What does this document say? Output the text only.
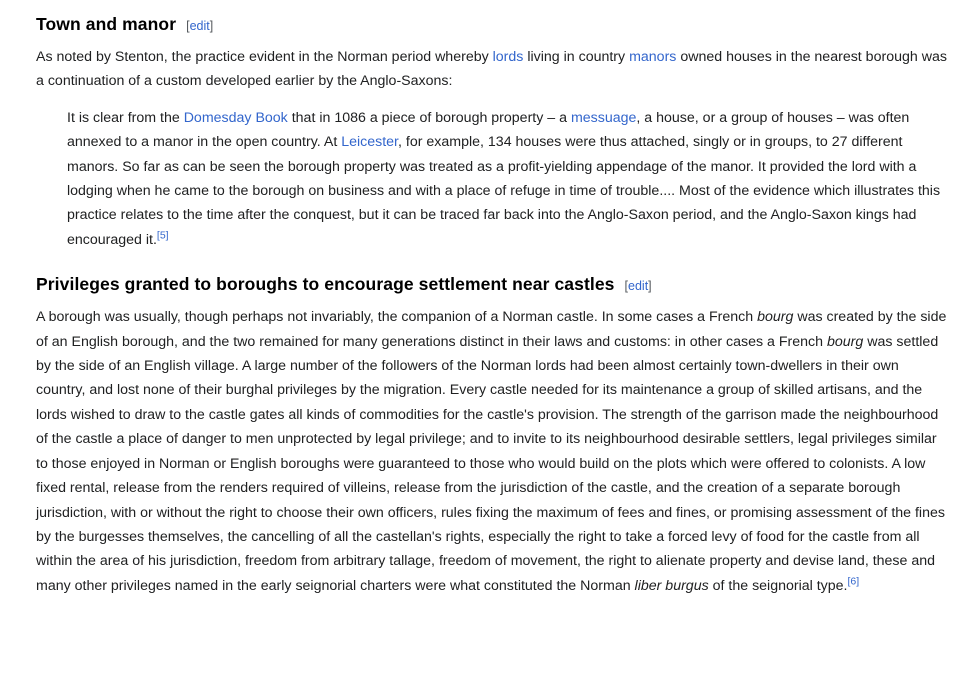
Town and manor [edit]

As noted by Stenton, the practice evident in the Norman period whereby lords living in country manors owned houses in the nearest borough was a continuation of a custom developed earlier by the Anglo-Saxons:

It is clear from the Domesday Book that in 1086 a piece of borough property – a messuage, a house, or a group of houses – was often annexed to a manor in the open country. At Leicester, for example, 134 houses were thus attached, singly or in groups, to 27 different manors. So far as can be seen the borough property was treated as a profit-yielding appendage of the manor. It provided the lord with a lodging when he came to the borough on business and with a place of refuge in time of trouble.... Most of the evidence which illustrates this practice relates to the time after the conquest, but it can be traced far back into the Anglo-Saxon period, and the Anglo-Saxon kings had encouraged it.[5]
Privileges granted to boroughs to encourage settlement near castles [edit]

A borough was usually, though perhaps not invariably, the companion of a Norman castle. In some cases a French bourg was created by the side of an English borough, and the two remained for many generations distinct in their laws and customs: in other cases a French bourg was settled by the side of an English village. A large number of the followers of the Norman lords had been almost certainly town-dwellers in their own country, and lost none of their burghal privileges by the migration. Every castle needed for its maintenance a group of skilled artisans, and the lords wished to draw to the castle gates all kinds of commodities for the castle's provision. The strength of the garrison made the neighbourhood of the castle a place of danger to men unprotected by legal privilege; and to invite to its neighbourhood desirable settlers, legal privileges similar to those enjoyed in Norman or English boroughs were guaranteed to those who would build on the plots which were offered to colonists. A low fixed rental, release from the renders required of villeins, release from the jurisdiction of the castle, and the creation of a separate borough jurisdiction, with or without the right to choose their own officers, rules fixing the maximum of fees and fines, or promising assessment of the fines by the burgesses themselves, the cancelling of all the castellan's rights, especially the right to take a forced levy of food for the castle from all within the area of his jurisdiction, freedom from arbitrary tallage, freedom of movement, the right to alienate property and devise land, these and many other privileges named in the early seignorial charters were what constituted the Norman liber burgus of the seignorial type.[6]
